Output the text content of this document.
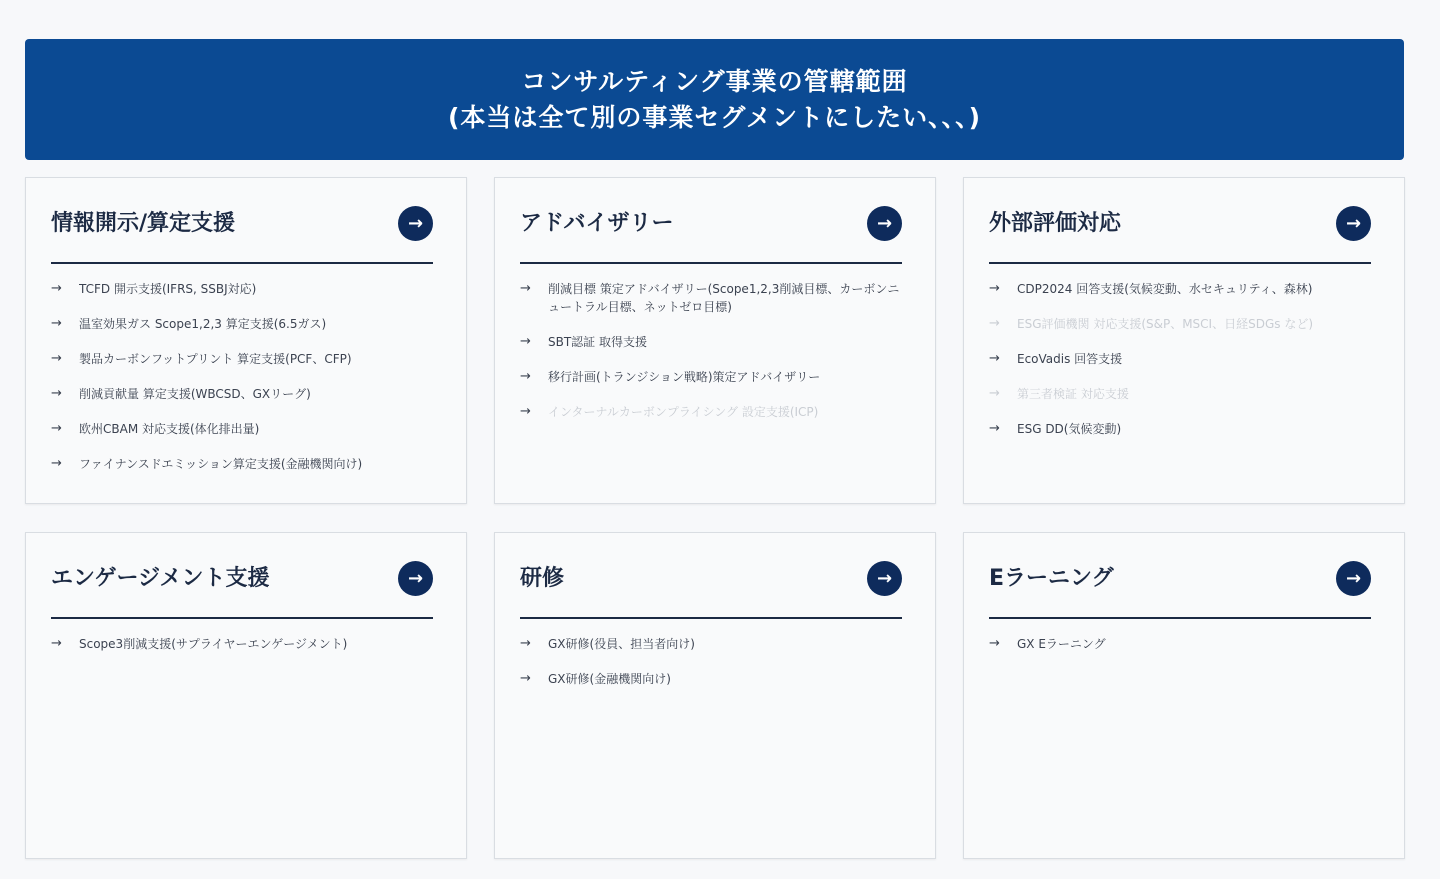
コンサルティング事業の管轄範囲
(本当は全て別の事業セグメントにしたい、、、)
情報開示/算定支援	→
→	TCFD 開示支援(IFRS, SSBJ対応)
→	温室効果ガス Scope1,2,3 算定支援(6.5ガス)
→	製品カーボンフットプリント 算定支援(PCF、CFP)
→	削減貢献量 算定支援(WBCSD、GXリーグ)
→	欧州CBAM 対応支援(体化排出量)
→	ファイナンスドエミッション算定支援(金融機関向け)
アドバイザリー	→
→	削減目標 策定アドバイザリー(Scope1,2,3削減目標、カーボンニュートラル目標、ネットゼロ目標)
→	SBT認証 取得支援
→	移行計画(トランジション戦略)策定アドバイザリー
→	インターナルカーボンプライシング 設定支援(ICP)
外部評価対応	→
→	CDP2024 回答支援(気候変動、水セキュリティ、森林)
→	ESG評価機関 対応支援(S&P、MSCI、日経SDGs など)
→	EcoVadis 回答支援
→	第三者検証 対応支援
→	ESG DD(気候変動)
エンゲージメント支援	→
→	Scope3削減支援(サプライヤーエンゲージメント)
研修	→
→	GX研修(役員、担当者向け)
→	GX研修(金融機関向け)
Eラーニング	→
→	GX Eラーニング
